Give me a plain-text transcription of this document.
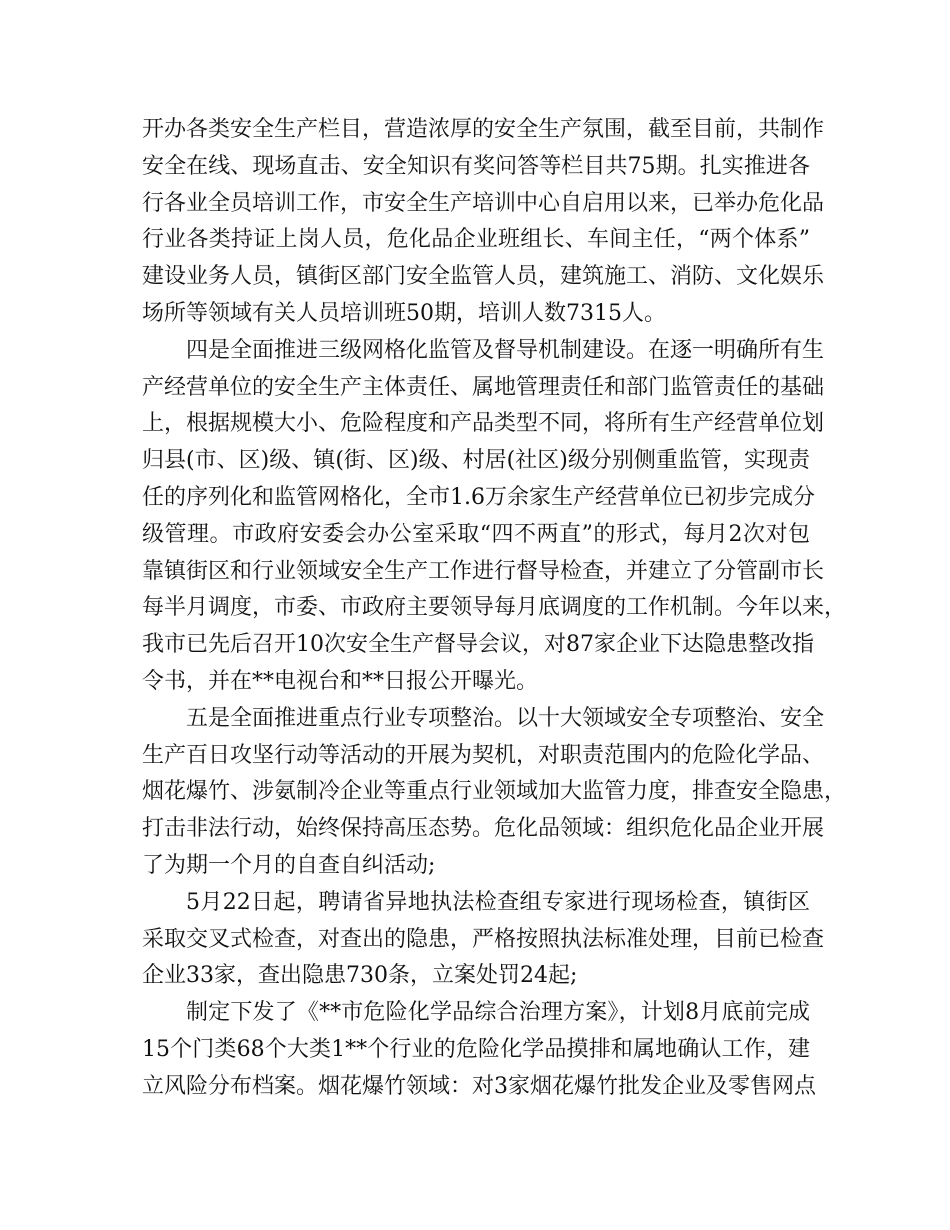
开办各类安全生产栏目，营造浓厚的安全生产氛围，截至目前，共制作
安全在线、现场直击、安全知识有奖问答等栏目共75期。扎实推进各
行各业全员培训工作，市安全生产培训中心自启用以来，已举办危化品
行业各类持证上岗人员，危化品企业班组长、车间主任，“两个体系”
建设业务人员，镇街区部门安全监管人员，建筑施工、消防、文化娱乐
场所等领域有关人员培训班50期，培训人数7315人。
四是全面推进三级网格化监管及督导机制建设。在逐一明确所有生
产经营单位的安全生产主体责任、属地管理责任和部门监管责任的基础
上，根据规模大小、危险程度和产品类型不同，将所有生产经营单位划
归县(市、区)级、镇(街、区)级、村居(社区)级分别侧重监管，实现责
任的序列化和监管网格化，全市1.6万余家生产经营单位已初步完成分
级管理。市政府安委会办公室采取“四不两直”的形式，每月2次对包
靠镇街区和行业领域安全生产工作进行督导检查，并建立了分管副市长
每半月调度，市委、市政府主要领导每月底调度的工作机制。今年以来，
我市已先后召开10次安全生产督导会议，对87家企业下达隐患整改指
令书，并在**电视台和**日报公开曝光。
五是全面推进重点行业专项整治。以十大领域安全专项整治、安全
生产百日攻坚行动等活动的开展为契机，对职责范围内的危险化学品、
烟花爆竹、涉氨制冷企业等重点行业领域加大监管力度，排查安全隐患，
打击非法行动，始终保持高压态势。危化品领域：组织危化品企业开展
了为期一个月的自查自纠活动;
5月22日起，聘请省异地执法检查组专家进行现场检查，镇街区
采取交叉式检查，对查出的隐患，严格按照执法标准处理，目前已检查
企业33家，查出隐患730条，立案处罚24起;
制定下发了《**市危险化学品综合治理方案》，计划8月底前完成
15个门类68个大类1**个行业的危险化学品摸排和属地确认工作，建
立风险分布档案。烟花爆竹领域：对3家烟花爆竹批发企业及零售网点
